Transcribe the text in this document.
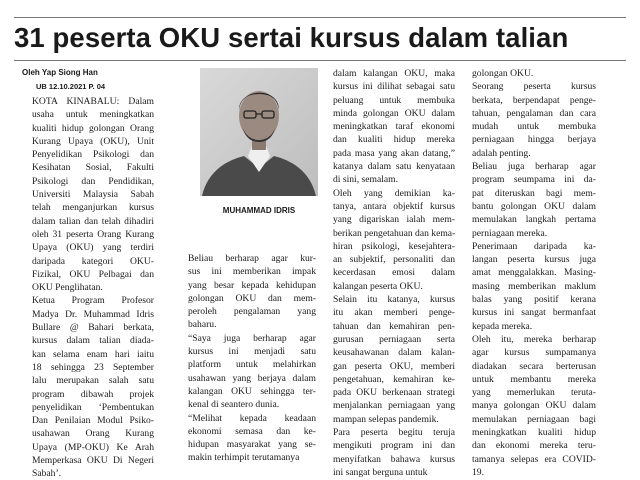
31 peserta OKU sertai kursus dalam talian
Oleh Yap Siong Han
UB 12.10.2021 P. 04
KOTA KINABALU: Dalam
usaha untuk meningkatkan
kualiti hidup golongan Orang
Kurang Upaya (OKU), Unit
Penyelidikan Psikologi dan
Kesihatan Sosial, Fakulti
Psikologi dan Pendidikan,
Universiti Malaysia Sabah
telah menganjurkan kursus
dalam talian dan telah dihadiri
oleh 31 peserta Orang Kurang
Upaya (OKU) yang terdiri
daripada kategori OKU-
Fizikal, OKU Pelbagai dan
OKU Penglihatan.
Ketua Program Profesor
Madya Dr. Muhammad Idris
Bullare @ Bahari berkata,
kursus dalam talian diada-
kan selama enam hari iaitu
18 sehingga 23 September
lalu merupakan salah satu
program dibawah projek
penyelidikan ‘Pembentukan
Dan Penilaian Modul Psiko-
usahawan Orang Kurang
Upaya (MP-OKU) Ke Arah
Memperkasa OKU Di Negeri
Sabah’.
Beliau berharap agar kur-
sus ini memberikan impak
yang besar kepada kehidupan
golongan OKU dan mem-
peroleh pengalaman yang
baharu.
“Saya juga berharap agar
kursus ini menjadi satu
platform untuk melahirkan
usahawan yang berjaya dalam
kalangan OKU sehingga ter-
kenal di seantero dunia.
“Melihat kepada keadaan
ekonomi semasa dan ke-
hidupan masyarakat yang se-
makin terhimpit terutamanya
dalam kalangan OKU, maka
kursus ini dilihat sebagai satu
peluang untuk membuka
minda golongan OKU dalam
meningkatkan taraf ekonomi
dan kualiti hidup mereka
pada masa yang akan datang,”
katanya dalam satu kenyataan
di sini, semalam.
Oleh yang demikian ka-
tanya, antara objektif kursus
yang digariskan ialah mem-
berikan pengetahuan dan kema-
hiran psikologi, kesejahtera-
an subjektif, personaliti dan
kecerdasan emosi dalam
kalangan peserta OKU.
Selain itu katanya, kursus
itu akan memberi penge-
tahuan dan kemahiran pen-
gurusan perniagaan serta
keusahawanan dalam kalan-
gan peserta OKU, memberi
pengetahuan, kemahiran ke-
pada OKU berkenaan strategi
menjalankan perniagaan yang
mampan selepas pandemik.
Para peserta begitu teruja
mengikuti program ini dan
menyifatkan bahawa kursus
ini sangat berguna untuk
golongan OKU.
Seorang peserta kursus
berkata, berpendapat penge-
tahuan, pengalaman dan cara
mudah untuk membuka
perniagaan hingga berjaya
adalah penting.
Beliau juga berharap agar
program seumpama ini da-
pat diteruskan bagi mem-
bantu golongan OKU dalam
memulakan langkah pertama
perniagaan mereka.
Penerimaan daripada ka-
langan peserta kursus juga
amat menggalakkan. Masing-
masing memberikan maklum
balas yang positif kerana
kursus ini sangat bermanfaat
kepada mereka.
Oleh itu, mereka berharap
agar kursus sumpamanya
diadakan secara berterusan
untuk membantu mereka
yang memerlukan teruta-
manya golongan OKU dalam
memulakan perniagaan bagi
meningkatkan kualiti hidup
dan ekonomi mereka teru-
tamanya selepas era COVID-
19.
MUHAMMAD IDRIS
